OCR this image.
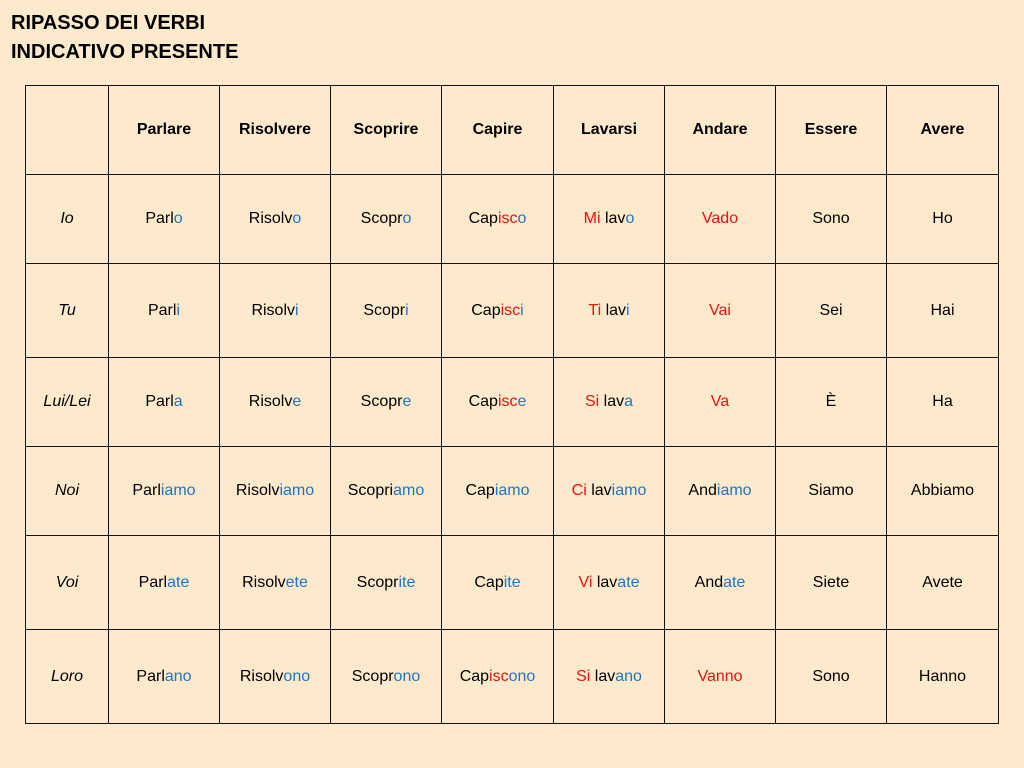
RIPASSO DEI VERBI
INDICATIVO PRESENTE
	Parlare	Risolvere	Scoprire	Capire	Lavarsi	Andare	Essere	Avere
Io	Parlo	Risolvo	Scopro	Capisco	Mi lavo	Vado	Sono	Ho
Tu	Parli	Risolvi	Scopri	Capisci	Ti lavi	Vai	Sei	Hai
Lui/Lei	Parla	Risolve	Scopre	Capisce	Si lava	Va	È	Ha
Noi	Parliamo	Risolviamo	Scopriamo	Capiamo	Ci laviamo	Andiamo	Siamo	Abbiamo
Voi	Parlate	Risolvete	Scoprite	Capite	Vi lavate	Andate	Siete	Avete
Loro	Parlano	Risolvono	Scoprono	Capiscono	Si lavano	Vanno	Sono	Hanno
